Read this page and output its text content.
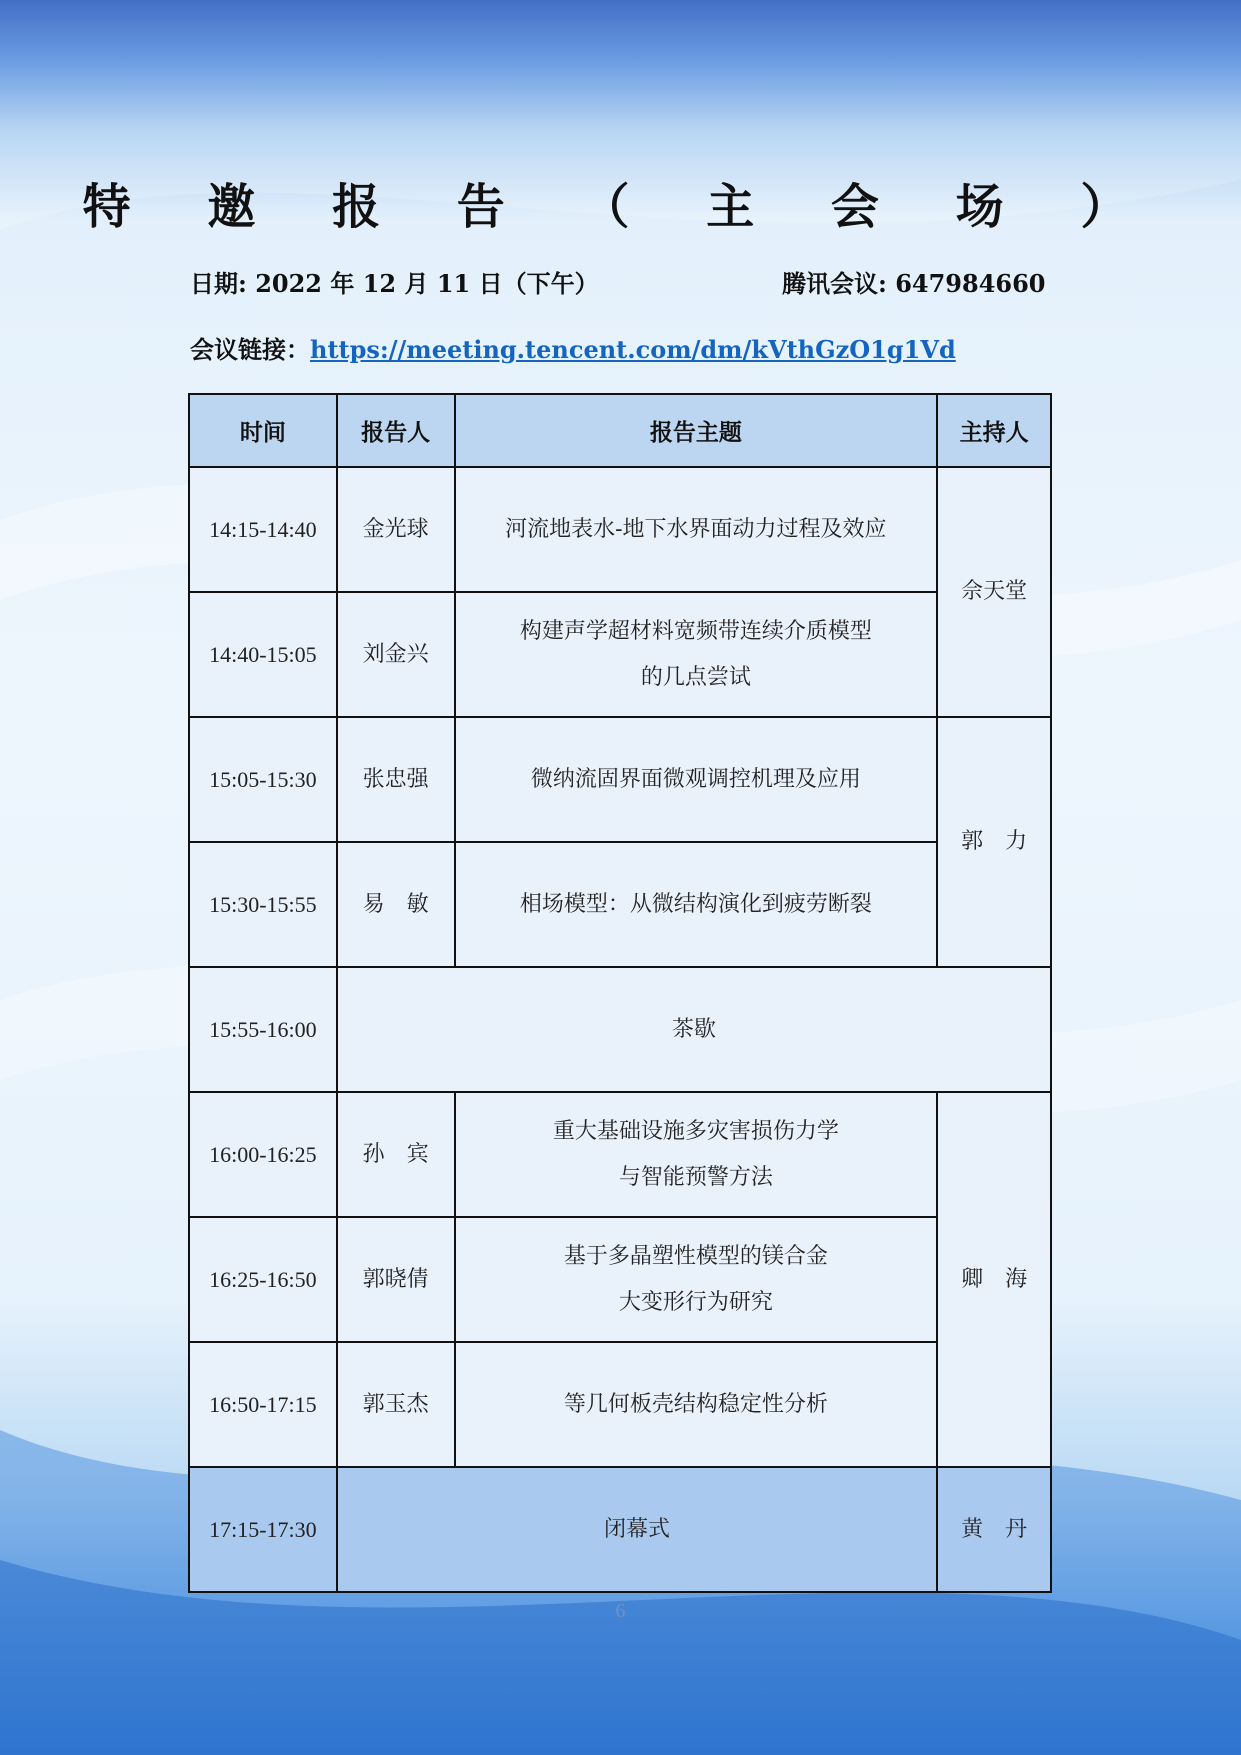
特 邀 报 告 （ 主 会 场 ）
日期: 2022 年 12 月 11 日（下午）	腾讯会议: 647984660
会议链接：https://meeting.tencent.com/dm/kVthGzO1g1Vd
时间	报告人	报告主题	主持人
14:15-14:40	金光球	河流地表水-地下水界面动力过程及效应	佘天堂
14:40-15:05	刘金兴	构建声学超材料宽频带连续介质模型
的几点尝试	

15:05-15:30	张忠强	微纳流固界面微观调控机理及应用	郭　力
15:30-15:55	易　敏	相场模型：从微结构演化到疲劳断裂	
15:55-16:00	茶歇		
16:00-16:25	孙　宾	重大基础设施多灾害损伤力学
与智能预警方法	卿　海
16:25-16:50	郭晓倩	基于多晶塑性模型的镁合金
大变形行为研究	

16:50-17:15	郭玉杰	等几何板壳结构稳定性分析	
17:15-17:30	闭幕式		黄　丹
6
